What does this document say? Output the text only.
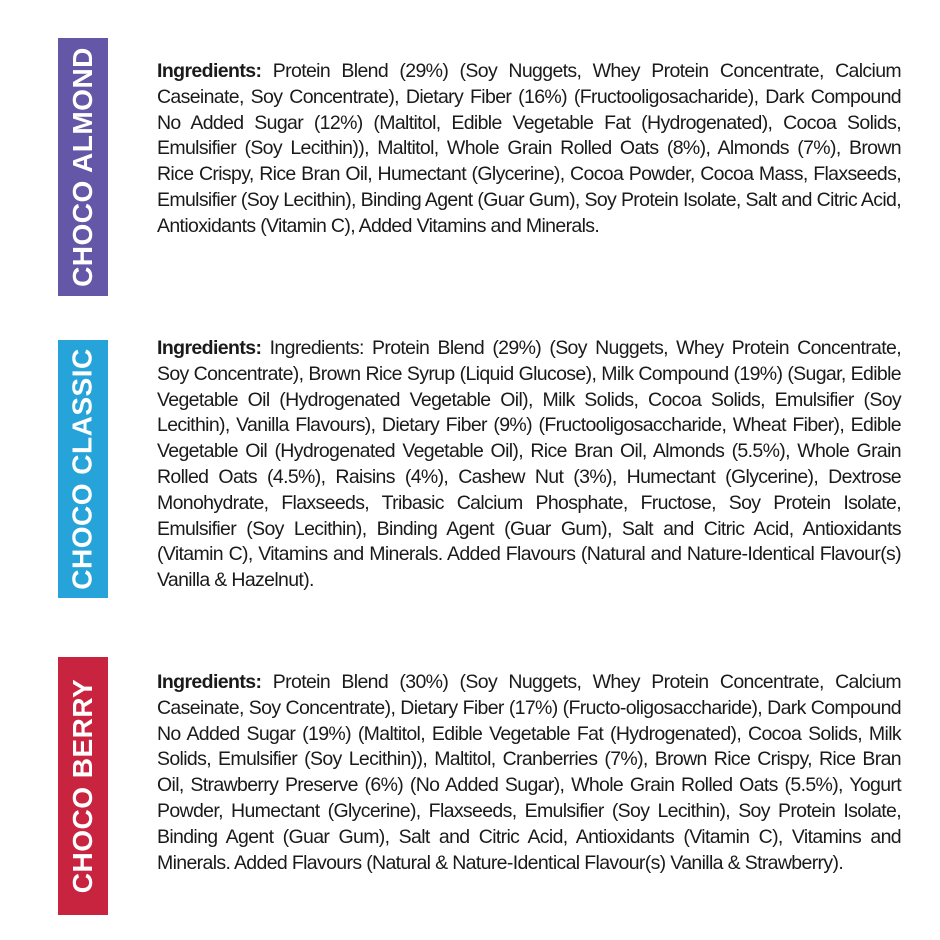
CHOCO ALMOND	Ingredients: Protein Blend (29%) (Soy Nuggets, Whey Protein Concentrate, Calcium Caseinate, Soy Concentrate), Dietary Fiber (16%) (Fructooligosacharide), Dark Compound No Added Sugar (12%) (Maltitol, Edible Vegetable Fat (Hydrogenated), Cocoa Solids, Emulsifier (Soy Lecithin)), Maltitol, Whole Grain Rolled Oats (8%), Almonds (7%), Brown Rice Crispy, Rice Bran Oil, Humectant (Glycerine), Cocoa Powder, Cocoa Mass, Flaxseeds, Emulsifier (Soy Lecithin), Binding Agent (Guar Gum), Soy Protein Isolate, Salt and Citric Acid, Antioxidants (Vitamin C), Added Vitamins and Minerals.
CHOCO CLASSIC
Ingredients: Ingredients: Protein Blend (29%) (Soy Nuggets, Whey Protein Concentrate, Soy Concentrate), Brown Rice Syrup (Liquid Glucose), Milk Compound (19%) (Sugar, Edible Vegetable Oil (Hydrogenated Vegetable Oil), Milk Solids, Cocoa Solids, Emulsifier (Soy Lecithin), Vanilla Flavours), Dietary Fiber (9%) (Fructooligosaccharide, Wheat Fiber), Edible Vegetable Oil (Hydrogenated Vegetable Oil), Rice Bran Oil, Almonds (5.5%), Whole Grain Rolled Oats (4.5%), Raisins (4%), Cashew Nut (3%), Humectant (Glycerine), Dextrose Monohydrate, Flaxseeds, Tribasic Calcium Phosphate, Fructose, Soy Protein Isolate, Emulsifier (Soy Lecithin), Binding Agent (Guar Gum), Salt and Citric Acid, Antioxidants (Vitamin C), Vitamins and Minerals. Added Flavours (Natural and Nature-Identical Flavour(s) Vanilla & Hazelnut).
CHOCO BERRY	Ingredients: Protein Blend (30%) (Soy Nuggets, Whey Protein Concentrate, Calcium Caseinate, Soy Concentrate), Dietary Fiber (17%) (Fructo-oligosaccharide), Dark Compound No Added Sugar (19%) (Maltitol, Edible Vegetable Fat (Hydrogenated), Cocoa Solids, Milk Solids, Emulsifier (Soy Lecithin)), Maltitol, Cranberries (7%), Brown Rice Crispy, Rice Bran Oil, Strawberry Preserve (6%) (No Added Sugar), Whole Grain Rolled Oats (5.5%), Yogurt Powder, Humectant (Glycerine), Flaxseeds, Emulsifier (Soy Lecithin), Soy Protein Isolate, Binding Agent (Guar Gum), Salt and Citric Acid, Antioxidants (Vitamin C), Vitamins and Minerals. Added Flavours (Natural & Nature-Identical Flavour(s) Vanilla & Strawberry).
